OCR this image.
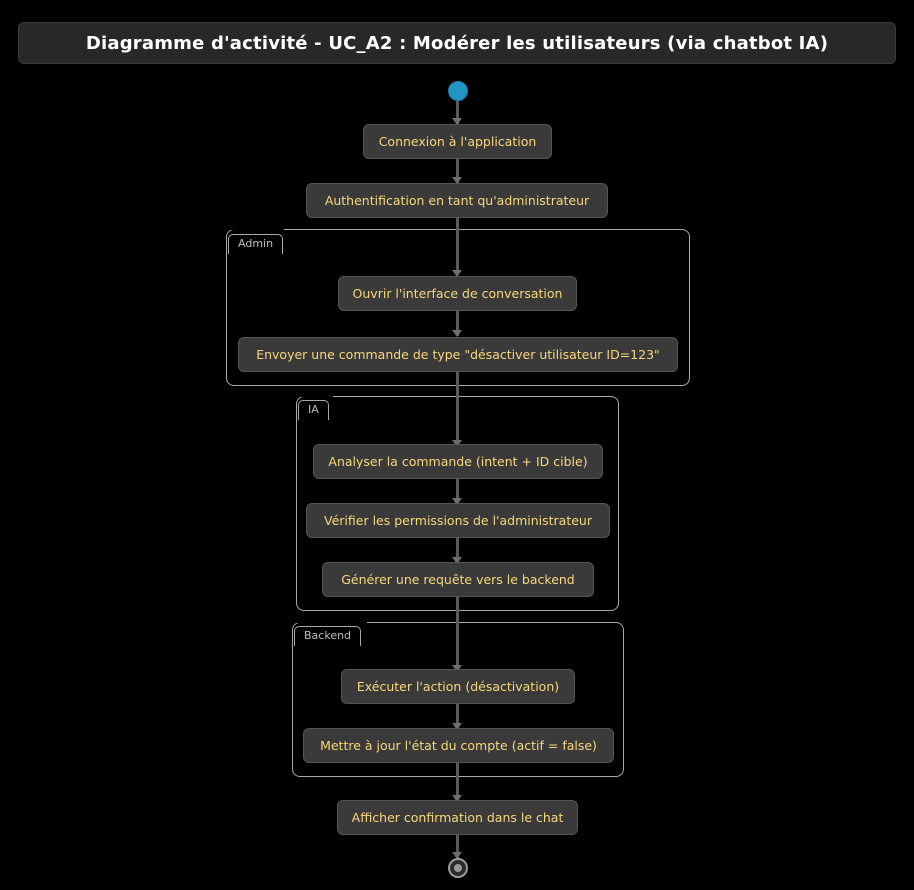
Diagramme d'activité - UC_A2 : Modérer les utilisateurs (via chatbot IA)
Admin
IA
Backend
Connexion à l'application
Authentification en tant qu'administrateur
Ouvrir l'interface de conversation
Envoyer une commande de type "désactiver utilisateur ID=123"
Analyser la commande (intent + ID cible)
Vérifier les permissions de l'administrateur
Générer une requête vers le backend
Exécuter l'action (désactivation)
Mettre à jour l'état du compte (actif = false)
Afficher confirmation dans le chat
